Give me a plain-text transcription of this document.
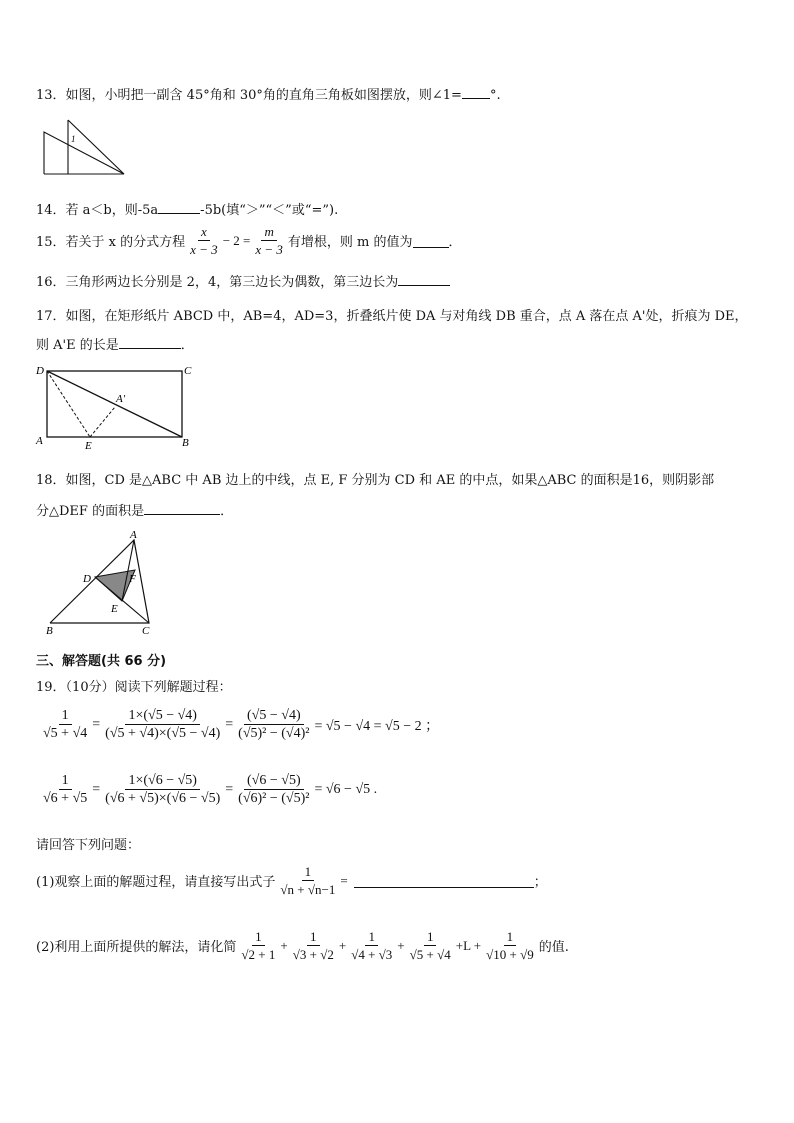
13．如图，小明把一副含 45°角和 30°角的直角三角板如图摆放，则∠1= °.
1
14．若 a＜b，则-5a	-5b(填“＞”“＜”或“=”).
15．若关于 x 的分式方程 $\frac{x}{x - 3} - 2 = \frac{m}{x - 3}$ 有增根，则 m 的值为	．
16．三角形两边长分别是 2，4，第三边长为偶数，第三边长为
17．如图，在矩形纸片 ABCD 中，AB=4，AD=3，折叠纸片使 DA 与对角线 DB 重合，点 A 落在点 A'处，折痕为 DE，
则 A'E 的长是	．
D	C
A	B
E
A′
18．如图，CD 是△ABC 中 AB 边上的中线，点 E, F 分别为 CD 和 AE 的中点，如果△ABC 的面积是16，则阴影部
分△DEF 的面积是	．
A
B	C
D
E
F
三、解答题(共 66 分)
19．（10分）阅读下列解题过程：
$\frac{1}{√5 + √4} = \frac{1\times(√5 - √4)}{(√5 + √4)\times(√5 - √4)} = \frac{(√5 - √4)}{\text{(√5)² − (√4)²}} = √5 - √4 = √5 - 2$ ；
$\frac{1}{√6 + √5} = \frac{1\times(√6 - √5)}{(√6 + √5)\times(√6 - √5)} = \frac{(√6 - √5)}{\text{(√6)² − (√5)²}} = √6 - √5$ .
请回答下列问题：
(1)观察上面的解题过程，请直接写出式子 $\frac{1}{√n + √n-1}$ =	；
(2)利用上面所提供的解法，请化简 $\frac{1}{√2 + 1} + \frac{1}{√3 + √2} + \frac{1}{√4 + √3} + \frac{1}{√5 + √4} +L + \frac{1}{√10 + √9}$ 的值.
